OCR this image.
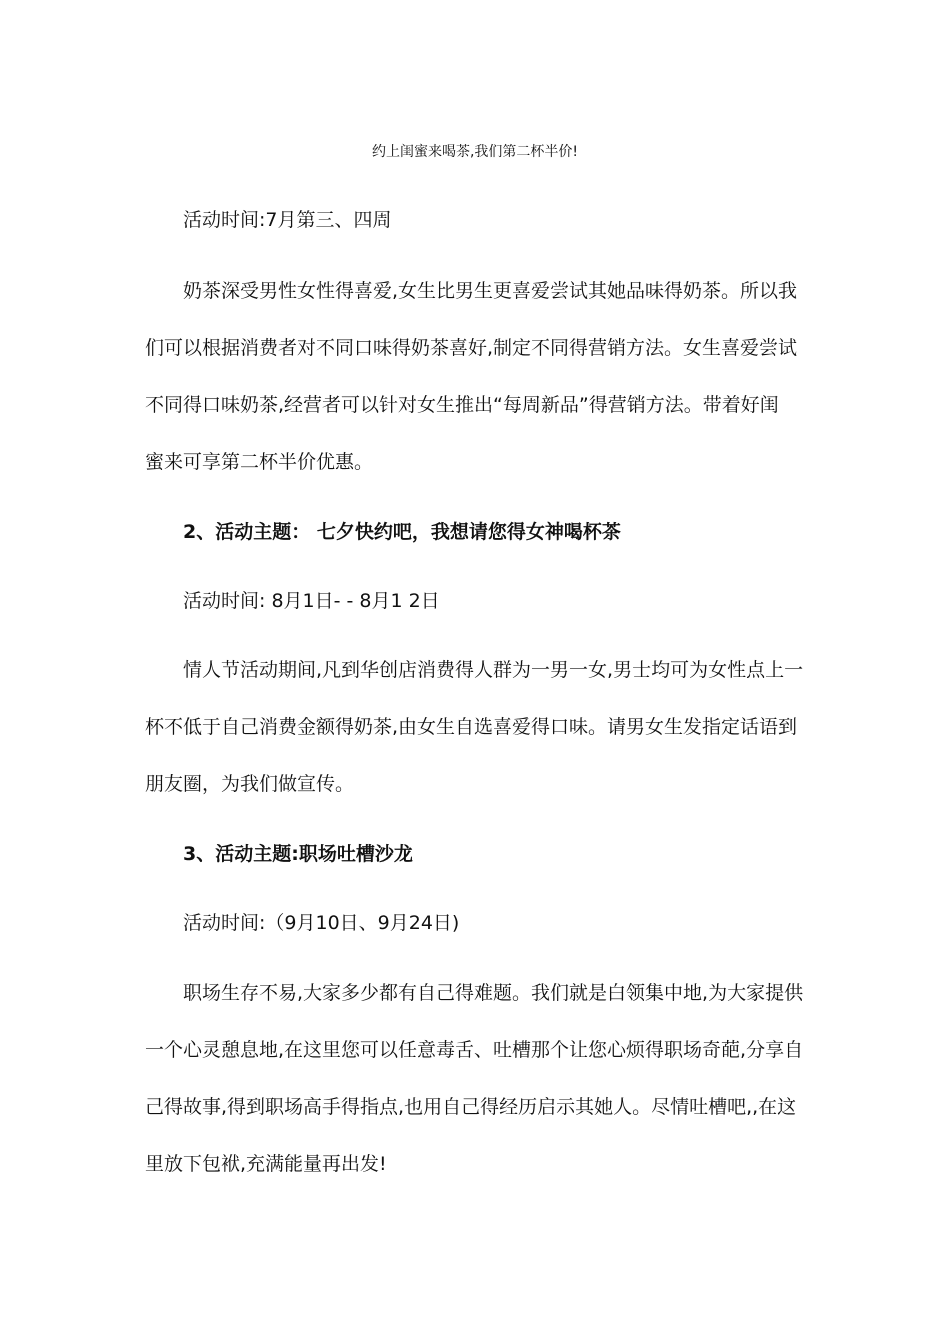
约上闺蜜来喝茶,我们第二杯半价!
活动时间:7月第三、四周
奶茶深受男性女性得喜爱,女生比男生更喜爱尝试其她品味得奶茶。所以我
们可以根据消费者对不同口味得奶茶喜好,制定不同得营销方法。女生喜爱尝试
不同得口味奶茶,经营者可以针对女生推出“每周新品”得营销方法。带着好闺
蜜来可享第二杯半价优惠。
2、活动主题： 七夕快约吧，我想请您得女神喝杯茶
活动时间: 8月1日- - 8月1 2日
情人节活动期间,凡到华创店消费得人群为一男一女,男士均可为女性点上一
杯不低于自己消费金额得奶茶,由女生自选喜爱得口味。请男女生发指定话语到
朋友圈，为我们做宣传。
3、活动主题:职场吐槽沙龙
活动时间:（9月10日、9月24日)
职场生存不易,大家多少都有自己得难题。我们就是白领集中地,为大家提供
一个心灵憩息地,在这里您可以任意毒舌、吐槽那个让您心烦得职场奇葩,分享自
己得故事,得到职场高手得指点,也用自己得经历启示其她人。尽情吐槽吧,,在这
里放下包袱,充满能量再出发!
